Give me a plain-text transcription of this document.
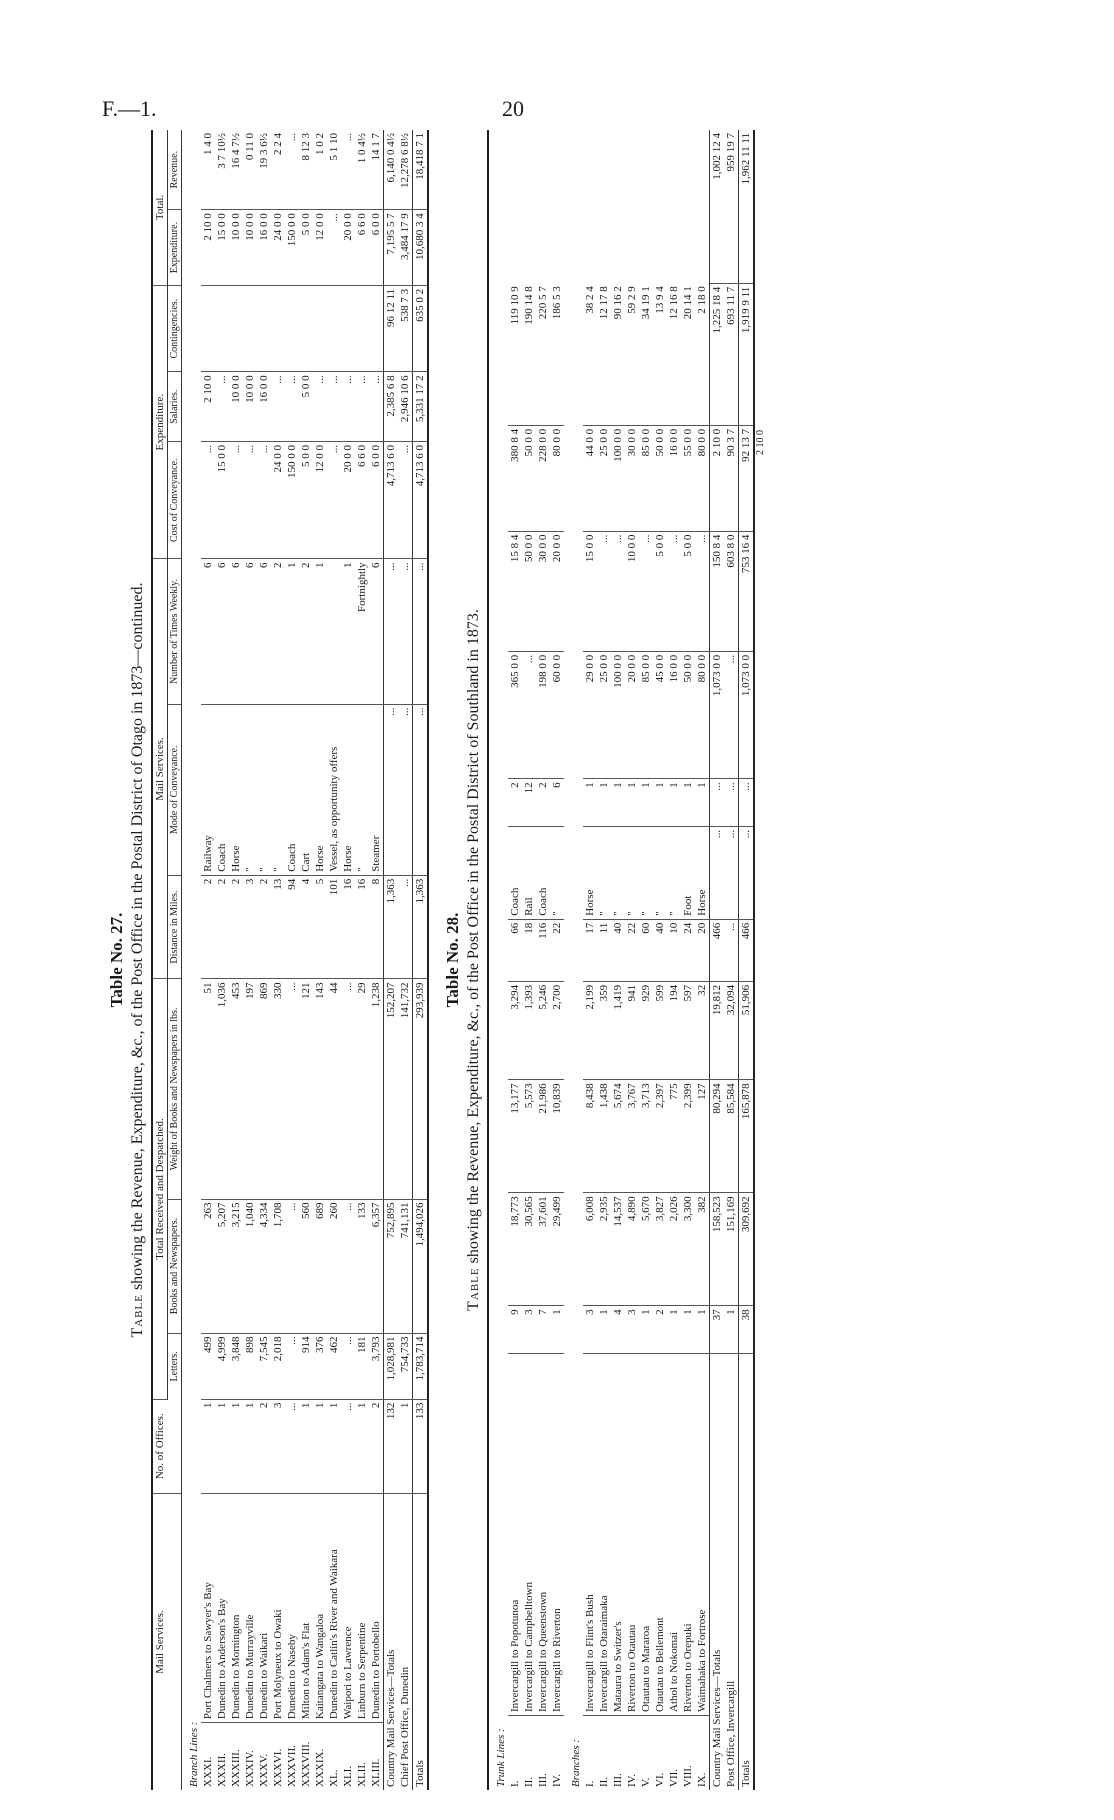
F.—1.	20

Table No. 27.

Table showing the Revenue, Expenditure, &c., of the Post Office in the Postal District of Otago in 1873—continued.

Mail Services.		No. of Offices.	Total Received and Despatched.			Mail Services.			Expenditure.			Total.	
			Letters.	Books and Newspapers.	Weight of Books and Newspapers in lbs.	Distance in Miles.	Mode of Conveyance.	Number of Times Weekly.	Cost of Conveyance.	Salaries.	Contingencies.	Expenditure.	Revenue.
Branch Lines :													
XXXI.	Port Chalmers to Sawyer's Bay	1	499	263	51	2	Railway	6	...	2 10 0		2 10 0	1 4 0
XXXII.	Dunedin to Anderson's Bay	1	4,999	5,207	1,036	2	Coach	6	15 0 0	...		15 0 0	3 7 10½
XXXIII.	Dunedin to Mornington	1	3,848	3,215	453	2	Horse	6	...	10 0 0		10 0 0	16 4 7½
XXXIV.	Dunedin to Murrayville	1	898	1,040	197	3	"	6	...	10 0 0		10 0 0	0 11 0
XXXV.	Dunedin to Waikari	2	7,545	4,334	869	2	"	6	...	16 0 0		16 0 0	19 3 6½
XXXVI.	Port Molyneux to Owaki	3	2,018	1,708	330	13	"	2	24 0 0	...		24 0 0	2 2 4
XXXVII.	Dunedin to Naseby	...	...	...	...	94	Coach	1	150 0 0	...		150 0 0	...
XXXVIII.	Milton to Adam's Flat	1	914	560	121	4	Cart	2	5 0 0	5 0 0		5 0 0	8 12 3
XXXIX.	Kaitangata to Wangaloa	1	376	689	143	5	Horse	1	12 0 0	...		12 0 0	1 0 2
XL.	Dunedin to Catlin's River and Waikara	1	462	260	44	101	Vessel, as opportunity offers		...	...		...	5 1 10
XLI.	Waipori to Lawrence	...	...	...	...	16	Horse	1	20 0 0	...		20 0 0	...
XLII.	Linburn to Serpentine	1	181	133	29	16	"	Fortnightly	6 6 0	...		6 6 0	1 0 4½
XLIII.	Dunedin to Portobello	2	3,793	6,357	1,238	8	Steamer	6	6 0 0	...		6 0 0	14 1 7
Country Mail Services—Totals		132	1,028,981	752,895	152,207	1,363	...	...	4,713 6 0	2,385 6 8	96 12 11	7,195 5 7	6,140 0 4½
Chief Post Office, Dunedin		1	754,733	741,131	141,732	...	...	...	...	2,946 10 6	538 7 3	3,484 17 9	12,278 6 8½
Totals		133	1,783,714	1,494,026	293,939	1,363	...	...	4,713 6 0	5,331 17 2	635 0 2	10,680 3 4	18,418 7 1

Table No. 28.

Table showing the Revenue, Expenditure, &c., of the Post Office in the Postal District of Southland in 1873.

Trunk Lines :													
I.	Invercargill to Popotunoa	9	18,773	13,177	3,294	66	Coach	2	365 0 0	15 8 4	380 8 4	119 10 9	
II.	Invercargill to Campbelltown	3	30,565	5,573	1,393	18	Rail	12	...	50 0 0	50 0 0	190 14 8	
III.	Invercargill to Queenstown	7	37,601	21,986	5,246	116	Coach	2	198 0 0	30 0 0	228 0 0	220 5 7	
IV.	Invercargill to Riverton	1	29,499	10,839	2,700	22	"	6	60 0 0	20 0 0	80 0 0	186 5 3	
Branches :													
I.	Invercargill to Flint's Bush	3	6,008	8,438	2,199	17	Horse	1	29 0 0	15 0 0	44 0 0	38 2 4	
II.	Invercargill to Otaraimaka	1	2,935	1,438	359	11	"	1	25 0 0	...	25 0 0	12 17 8	
III.	Mataura to Switzer's	4	14,537	5,674	1,419	40	"	1	100 0 0	...	100 0 0	90 16 2	
IV.	Riverton to Otautau	3	4,890	3,767	941	22	"	1	20 0 0	10 0 0	30 0 0	59 2 9	
V.	Otautau to Mararoa	1	5,670	3,713	929	60	"	1	85 0 0	...	85 0 0	34 19 1	
VI.	Otautau to Bellemont	2	3,827	2,397	599	40	"	1	45 0 0	5 0 0	50 0 0	13 9 4	
VII.	Athol to Nokomai	1	2,026	775	194	10	"	1	16 0 0	...	16 0 0	12 16 8	
VIII.	Riverton to Orepuki	1	3,300	2,399	597	24	Foot	1	50 0 0	5 0 0	55 0 0	20 14 1	
IX.	Waimahaka to Fortrose	1	382	127	32	20	Horse	1	80 0 0	...	80 0 0	2 18 0	
Country Mail Services—Totals		37	158,523	80,294	19,812	466	...	...	1,073 0 0	150 8 4	2 10 0	1,225 18 4	1,002 12 4
Post Office, Invercargill		1	151,169	85,584	32,094	...	...	...	...	603 8 0	90 3 7	693 11 7	959 19 7
Totals		38	309,692	165,878	51,906	466	...	...	1,073 0 0	753 16 4	92 13 7	1,919 9 11	1,962 11 11
2 10 0
